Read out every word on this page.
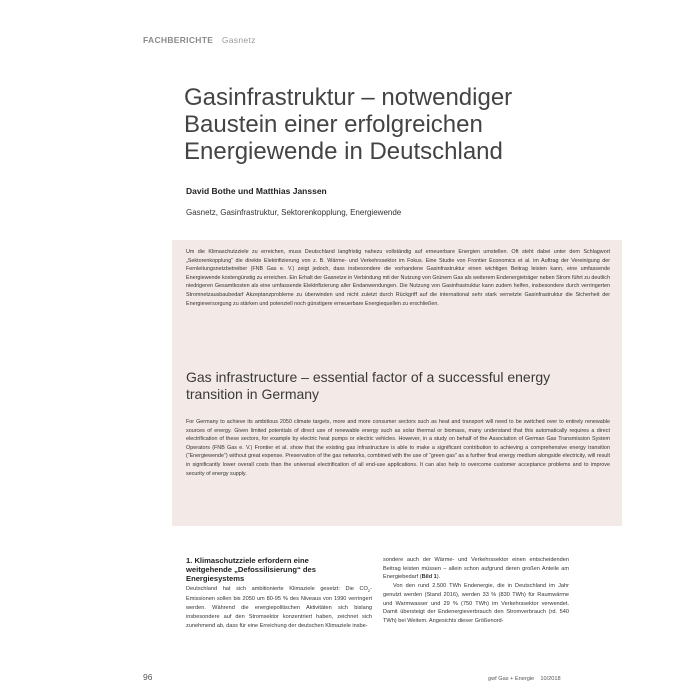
FACHBERICHTE Gasnetz
Gasinfrastruktur – notwendiger
Baustein einer erfolgreichen
Energiewende in Deutschland
David Bothe und Matthias Janssen
Gasnetz, Gasinfrastruktur, Sektorenkopplung, Energiewende

Um die Klimaschutzziele zu erreichen, muss Deutschland langfristig nahezu vollständig auf erneuerbare Energien umstellen. Oft steht dabei unter dem Schlagwort „Sektorenkopplung“ die direkte Elektrifizierung von z. B. Wärme- und Verkehrssektor im Fokus. Eine Studie von Frontier Economics et al. im Auftrag der Vereinigung der Fernleitungsnetzbetreiber (FNB Gas e. V.) zeigt jedoch, dass insbesondere die vorhandene Gasinfrastruktur einen wichtigen Beitrag leisten kann, eine umfassende Energiewende kostengünstig zu erreichen. Ein Erhalt der Gasnetze in Verbindung mit der Nutzung von Grünem Gas als weiterem Endenergieträger neben Strom führt zu deutlich niedrigeren Gesamtkosten als eine umfassende Elektrifizierung aller Endanwendungen. Die Nutzung von Gasinfrastruktur kann zudem helfen, insbesondere durch verringerten Stromnetzausbaubedarf Akzeptanzprobleme zu überwinden und nicht zuletzt durch Rückgriff auf die international sehr stark vernetzte Gasinfrastruktur die Sicherheit der Energieversorgung zu stärken und potenziell noch günstigere erneuerbare Energiequellen zu erschließen.

Gas infrastructure – essential factor of a successful energy
transition in Germany

For Germany to achieve its ambitious 2050 climate targets, more and more consumer sectors such as heat and transport will need to be switched over to entirely renewable sources of energy. Given limited potentials of direct use of renewable energy such as solar thermal or biomass, many understand that this automatically requires a direct electrification of these sectors, for example by electric heat pumps or electric vehicles. However, in a study on behalf of the Association of German Gas Transmission System Operators (FNB Gas e. V.) Frontier et al. show that the existing gas infrastructure is able to make a significant contribution to achieving a comprehensive energy transition (“Energiewende”) without great expense. Preservation of the gas networks, combined with the use of “green gas” as a further final energy medium alongside electricity, will result in significantly lower overall costs than the universal electrification of all end-use applications. It can also help to overcome customer acceptance problems and to improve security of energy supply.

1. Klimaschutzziele erfordern eine
weitgehende „Defossilisierung“ des
Energiesystems

Deutschland hat sich ambitionierte Klimaziele gesetzt: Die $CO_2$-Emissionen sollen bis 2050 um 80-95 % des Niveaus von 1990 verringert werden. Während die energiepolitischen Aktivitäten sich bislang insbesondere auf den Stromsektor konzentriert haben, zeichnet sich zunehmend ab, dass für eine Erreichung der deutschen Klimaziele insbe-

sondere auch der Wärme- und Verkehrssektor einen entscheidenden Beitrag leisten müssen – allein schon aufgrund deren großen Anteile am Energiebedarf (Bild 1).

Von den rund 2.500 TWh Endenergie, die in Deutschland im Jahr genutzt werden (Stand 2016), werden 33 % (830 TWh) für Raumwärme und Warmwasser und 29 % (750 TWh) im Verkehrssektor verwendet. Damit übersteigt der Endenergieverbrauch den Stromverbrauch (rd. 540 TWh) bei Weitem. Angesichts dieser Größenord-

96	gwf Gas + Energie 10/2018
